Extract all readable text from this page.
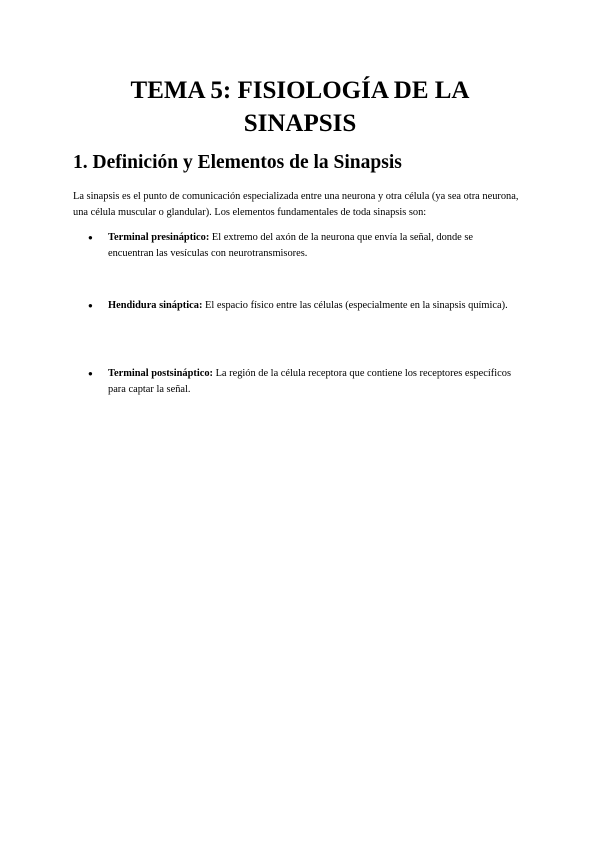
TEMA 5: FISIOLOGÍA DE LA
SINAPSIS
1. Definición y Elementos de la Sinapsis

La sinapsis es el punto de comunicación especializada entre una neurona y otra célula (ya sea otra neurona, una célula muscular o glandular). Los elementos fundamentales de toda sinapsis son:

● Terminal presináptico: El extremo del axón de la neurona que envía la señal, donde se encuentran las vesículas con neurotransmisores.
● Hendidura sináptica: El espacio físico entre las células (especialmente en la sinapsis química).
● Terminal postsináptico: La región de la célula receptora que contiene los receptores específicos para captar la señal.
